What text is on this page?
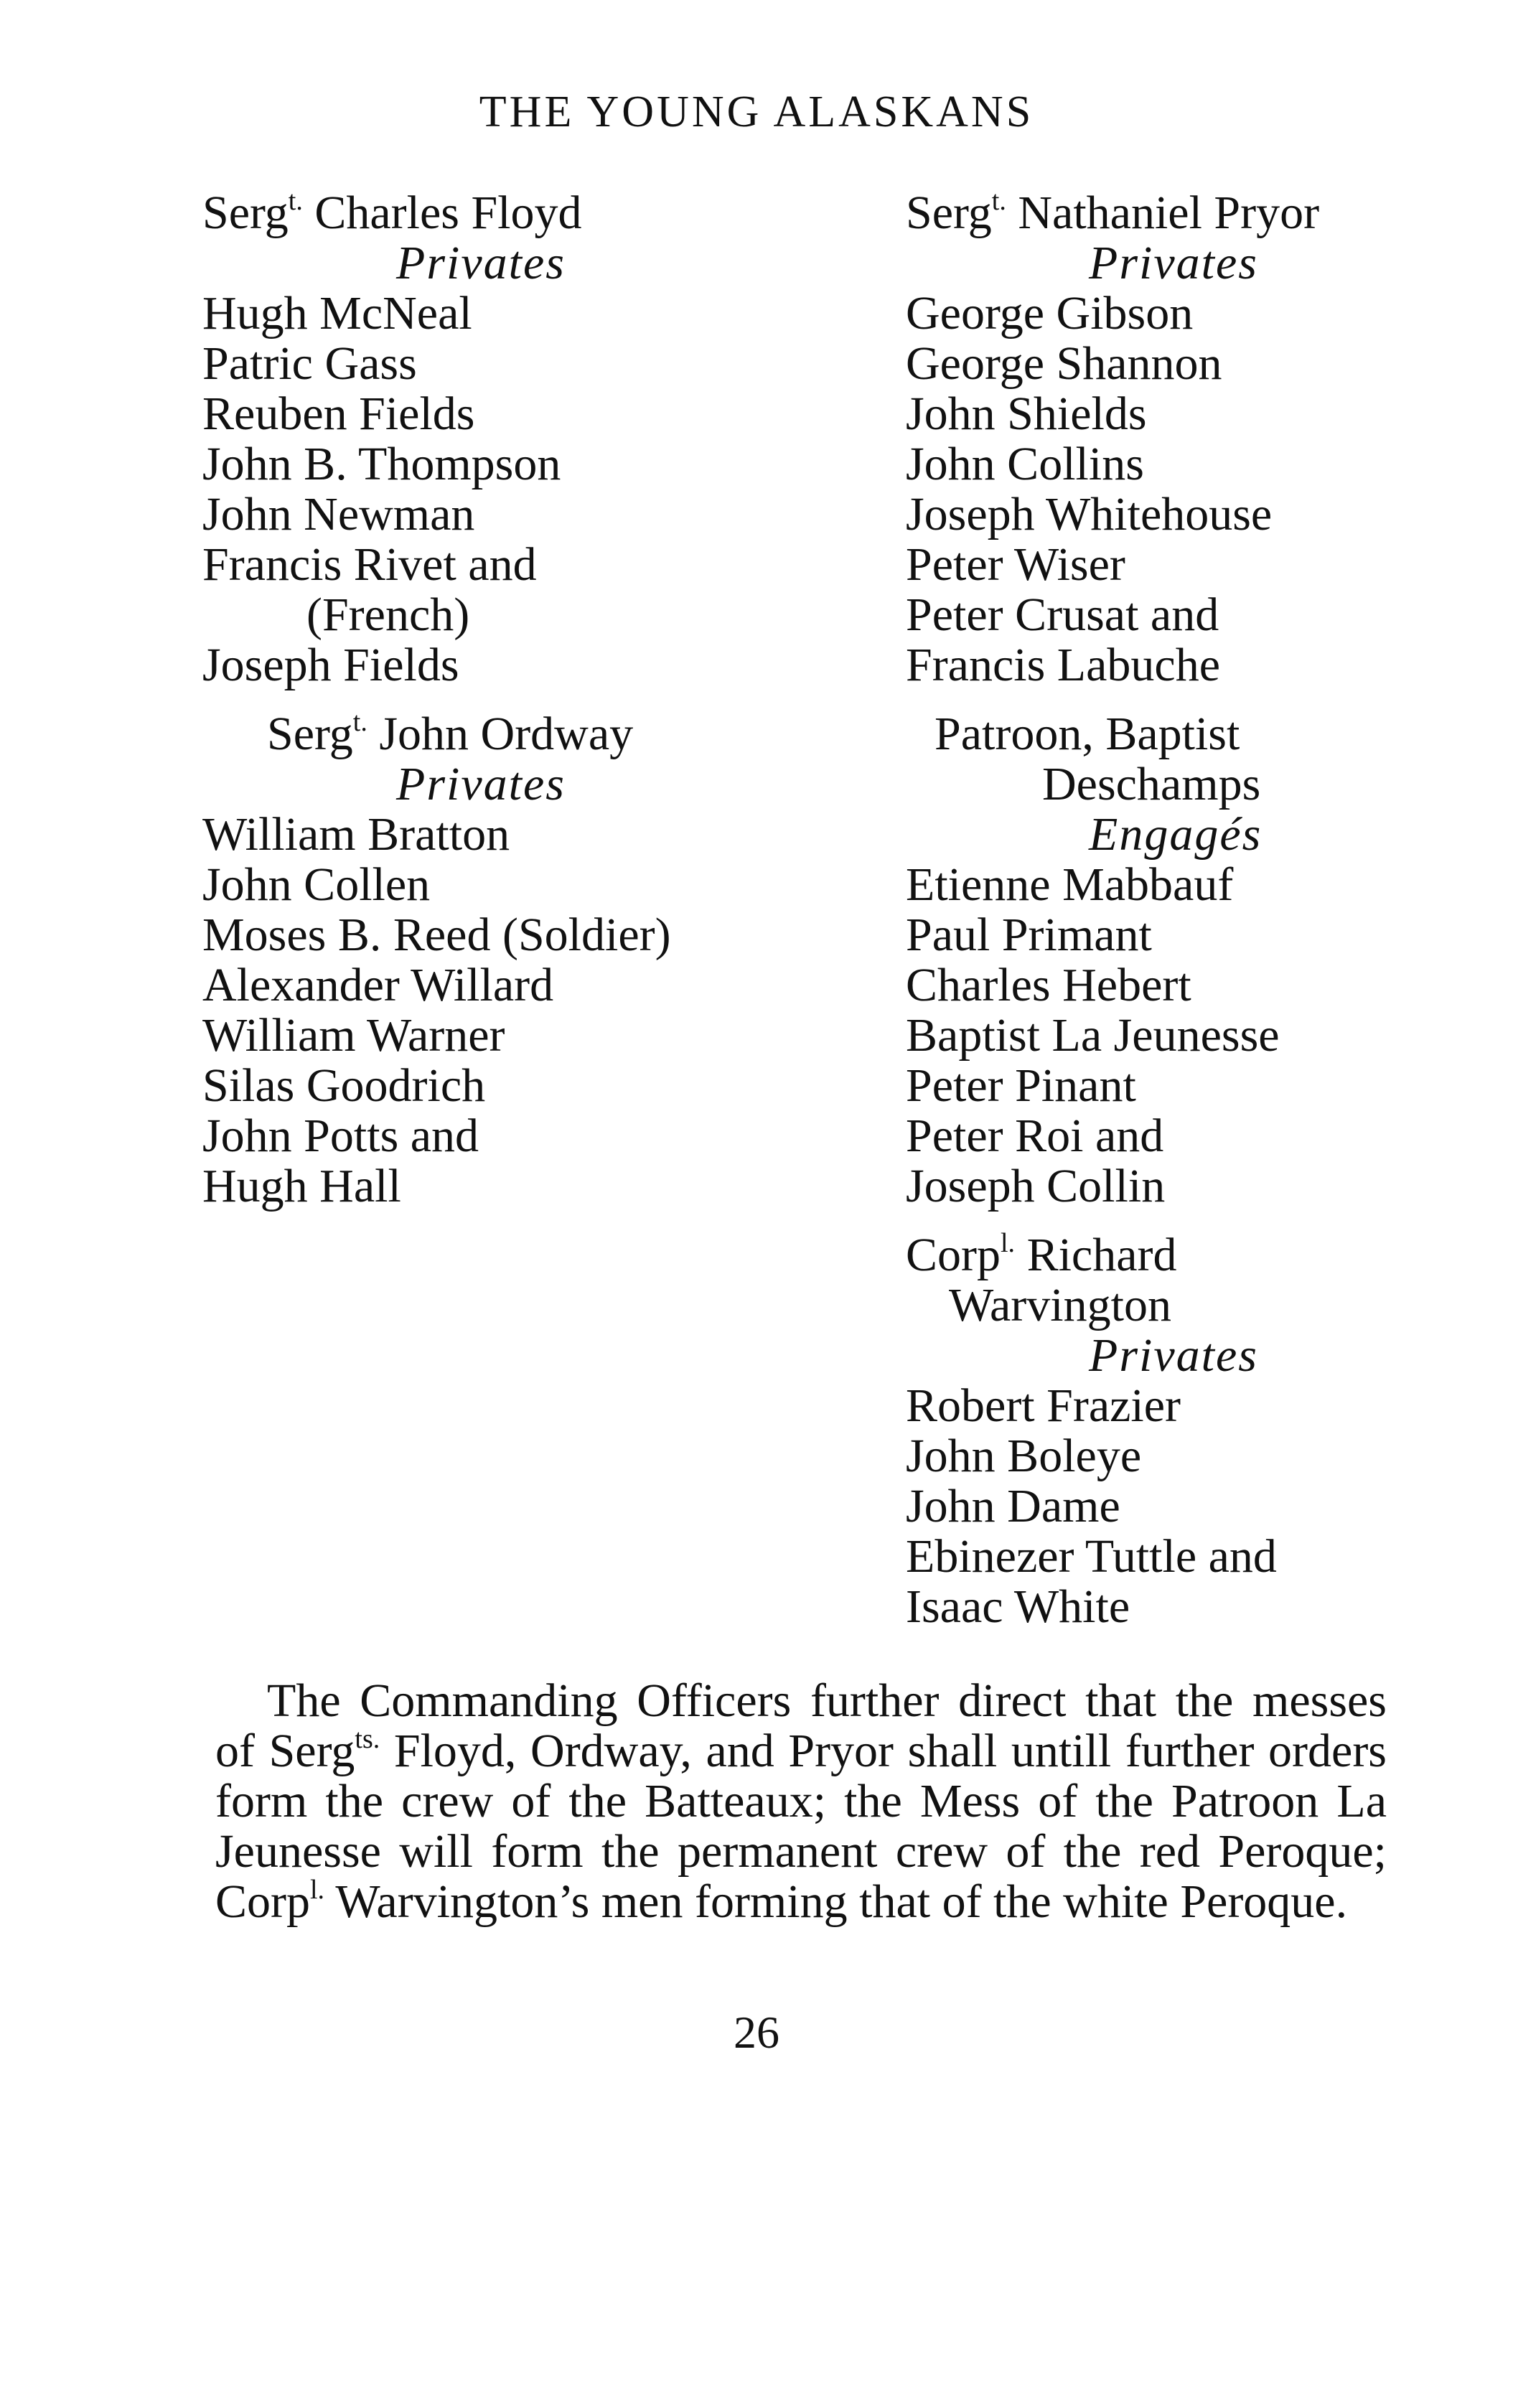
THE YOUNG ALASKANS
Serg$^{t.}$ Charles Floyd
Privates
Hugh McNeal
Patric Gass
Reuben Fields
John B. Thompson
John Newman
Francis Rivet and
(French)
Joseph Fields
Serg$^{t.}$ John Ordway
Privates
William Bratton
John Collen
Moses B. Reed (Soldier)
Alexander Willard
William Warner
Silas Goodrich
John Potts and
Hugh Hall
Serg$^{t.}$ Nathaniel Pryor
Privates
George Gibson
George Shannon
John Shields
John Collins
Joseph Whitehouse
Peter Wiser
Peter Crusat and
Francis Labuche
Patroon, Baptist
Deschamps
Engagés
Etienne Mabbauf
Paul Primant
Charles Hebert
Baptist La Jeunesse
Peter Pinant
Peter Roi and
Joseph Collin
Corp$^{l.}$ Richard
Warvington
Privates
Robert Frazier
John Boleye
John Dame
Ebinezer Tuttle and
Isaac White
The Commanding Officers further direct that the messes of Serg$^{ts.}$ Floyd, Ordway, and Pryor shall untill further orders form the crew of the Batteaux; the Mess of the Patroon La Jeunesse will form the permanent crew of the red Peroque; Corp$^{l.}$ Warvington’s men forming that of the white Peroque.
26
